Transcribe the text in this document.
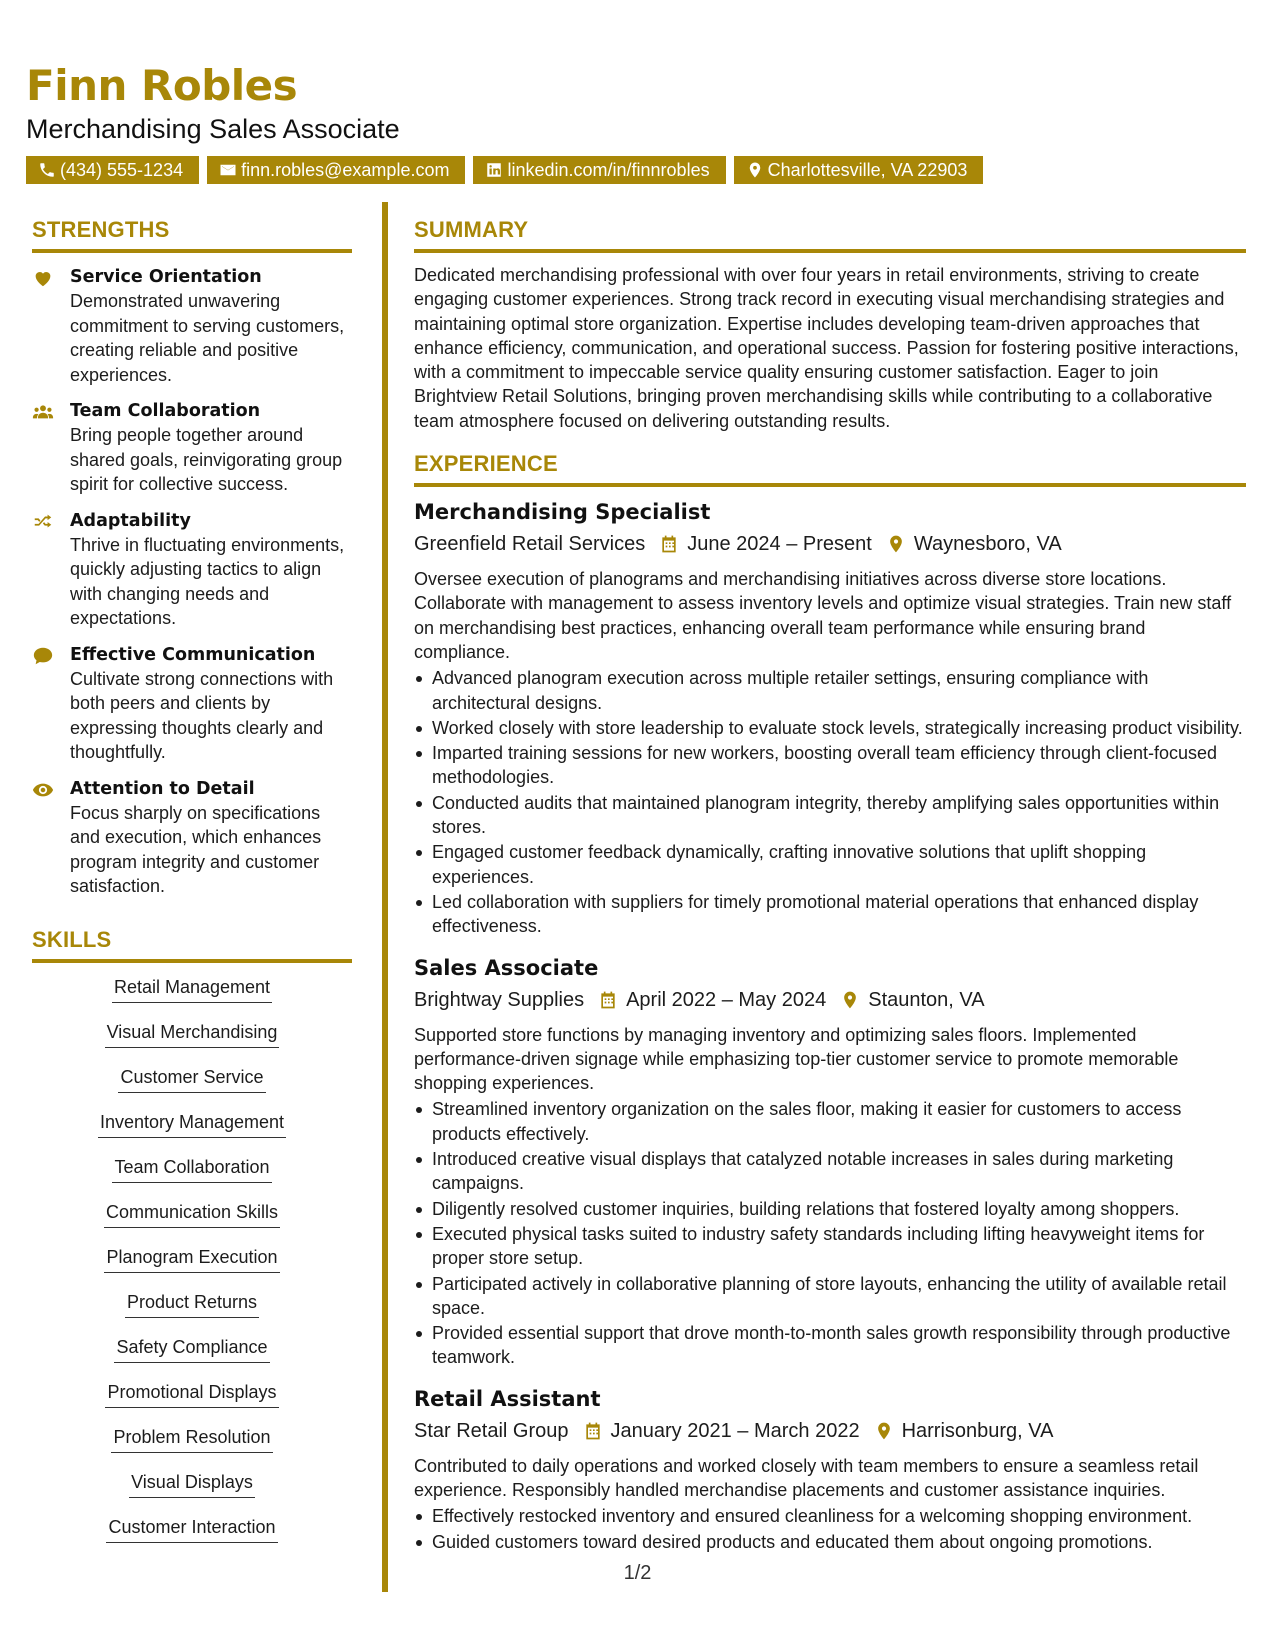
Finn Robles
Merchandising Sales Associate
(434) 555-1234	finn.robles@example.com	linkedin.com/in/finnrobles	Charlottesville, VA 22903
STRENGTHS
Service Orientation
Demonstrated unwavering commitment to serving customers, creating reliable and positive experiences.
Team Collaboration
Bring people together around shared goals, reinvigorating group spirit for collective success.
Adaptability
Thrive in fluctuating environments, quickly adjusting tactics to align with changing needs and expectations.
Effective Communication
Cultivate strong connections with both peers and clients by expressing thoughts clearly and thoughtfully.
Attention to Detail
Focus sharply on specifications and execution, which enhances program integrity and customer satisfaction.
SKILLS
Retail Management
Visual Merchandising
Customer Service
Inventory Management
Team Collaboration
Communication Skills
Planogram Execution
Product Returns
Safety Compliance
Promotional Displays
Problem Resolution
Visual Displays
Customer Interaction
SUMMARY
Dedicated merchandising professional with over four years in retail environments, striving to create engaging customer experiences. Strong track record in executing visual merchandising strategies and maintaining optimal store organization. Expertise includes developing team-driven approaches that enhance efficiency, communication, and operational success. Passion for fostering positive interactions, with a commitment to impeccable service quality ensuring customer satisfaction. Eager to join Brightview Retail Solutions, bringing proven merchandising skills while contributing to a collaborative team atmosphere focused on delivering outstanding results.
EXPERIENCE
Merchandising Specialist
Greenfield Retail Services June 2024 – Present Waynesboro, VA
Oversee execution of planograms and merchandising initiatives across diverse store locations. Collaborate with management to assess inventory levels and optimize visual strategies. Train new staff on merchandising best practices, enhancing overall team performance while ensuring brand compliance.
Advanced planogram execution across multiple retailer settings, ensuring compliance with architectural designs.
Worked closely with store leadership to evaluate stock levels, strategically increasing product visibility.
Imparted training sessions for new workers, boosting overall team efficiency through client-focused methodologies.
Conducted audits that maintained planogram integrity, thereby amplifying sales opportunities within stores.
Engaged customer feedback dynamically, crafting innovative solutions that uplift shopping experiences.
Led collaboration with suppliers for timely promotional material operations that enhanced display effectiveness.
Sales Associate
Brightway Supplies April 2022 – May 2024 Staunton, VA
Supported store functions by managing inventory and optimizing sales floors. Implemented performance-driven signage while emphasizing top-tier customer service to promote memorable shopping experiences.
Streamlined inventory organization on the sales floor, making it easier for customers to access products effectively.
Introduced creative visual displays that catalyzed notable increases in sales during marketing campaigns.
Diligently resolved customer inquiries, building relations that fostered loyalty among shoppers.
Executed physical tasks suited to industry safety standards including lifting heavyweight items for proper store setup.
Participated actively in collaborative planning of store layouts, enhancing the utility of available retail space.
Provided essential support that drove month-to-month sales growth responsibility through productive teamwork.
Retail Assistant
Star Retail Group January 2021 – March 2022 Harrisonburg, VA
Contributed to daily operations and worked closely with team members to ensure a seamless retail experience. Responsibly handled merchandise placements and customer assistance inquiries.
Effectively restocked inventory and ensured cleanliness for a welcoming shopping environment.
Guided customers toward desired products and educated them about ongoing promotions.
1/2
